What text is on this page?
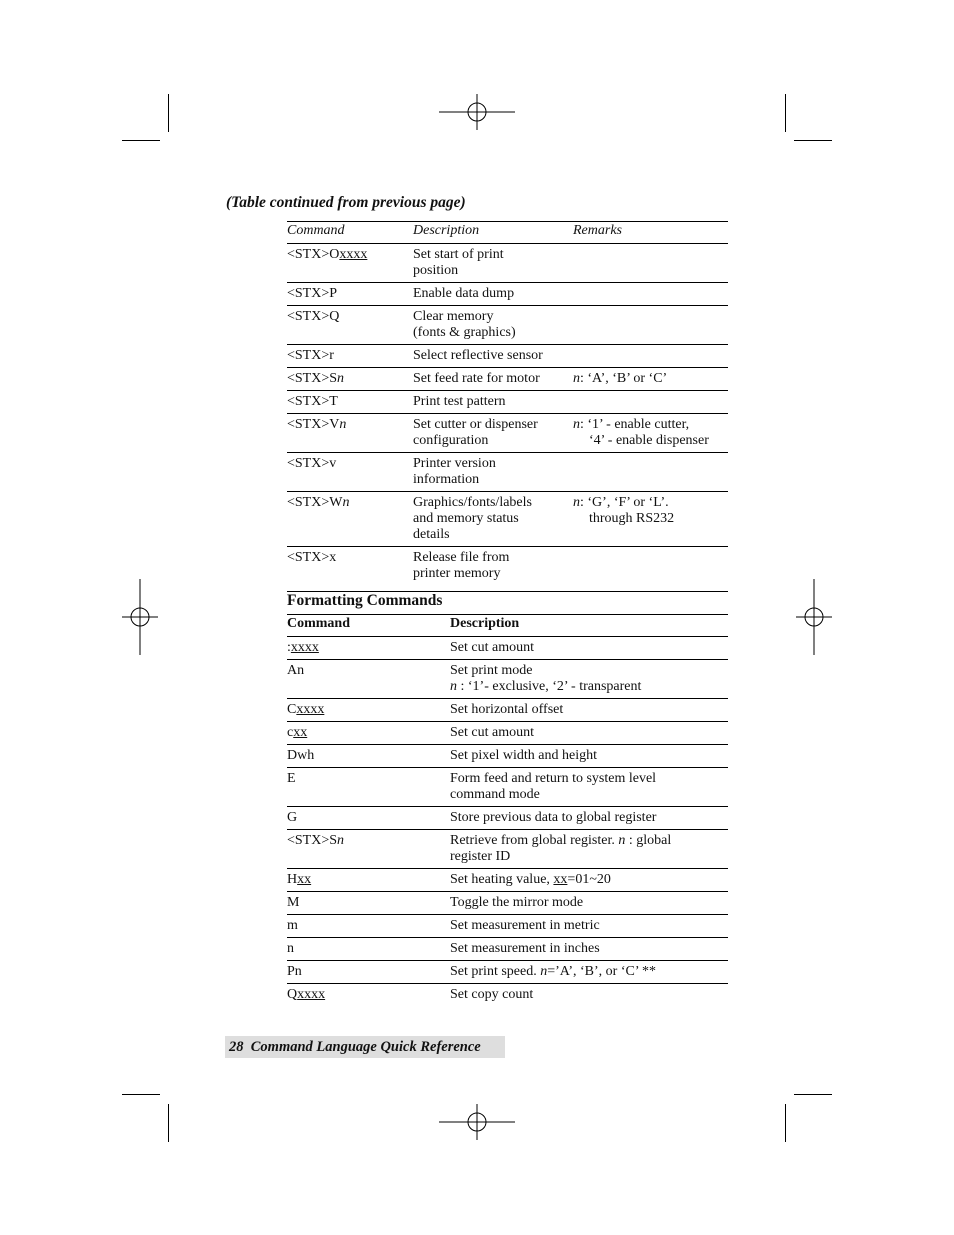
(Table continued from previous page)
Command	Description	Remarks
<STX>Oxxxx	Set start of print
position	
<STX>P	Enable data dump	
<STX>Q	Clear memory
(fonts & graphics)	
<STX>r	Select reflective sensor	
<STX>Sn	Set feed rate for motor	n: ‘A’, ‘B’ or ‘C’
<STX>T	Print test pattern	
<STX>Vn	Set cutter or dispenser
configuration	n: ‘1’ - enable cutter,
‘4’ - enable dispenser

<STX>v	Printer version
information	
<STX>Wn	Graphics/fonts/labels
and memory status
details	n: ‘G’, ‘F’ or ‘L’.
through RS232

<STX>x	Release file from
printer memory	
Formatting Commands
Command	Description
:xxxx	Set cut amount
An	Set print mode
n : ‘1’- exclusive, ‘2’ - transparent
Cxxxx	Set horizontal offset
cxx	Set cut amount
Dwh	Set pixel width and height
E	Form feed and return to system level
command mode
G	Store previous data to global register
<STX>Sn	Retrieve from global register. n : global
register ID
Hxx	Set heating value, xx=01~20
M	Toggle the mirror mode
m	Set measurement in metric
n	Set measurement in inches
Pn	Set print speed. n=’A’, ‘B’, or ‘C’ **
Qxxxx	Set copy count
28 Command Language Quick Reference
